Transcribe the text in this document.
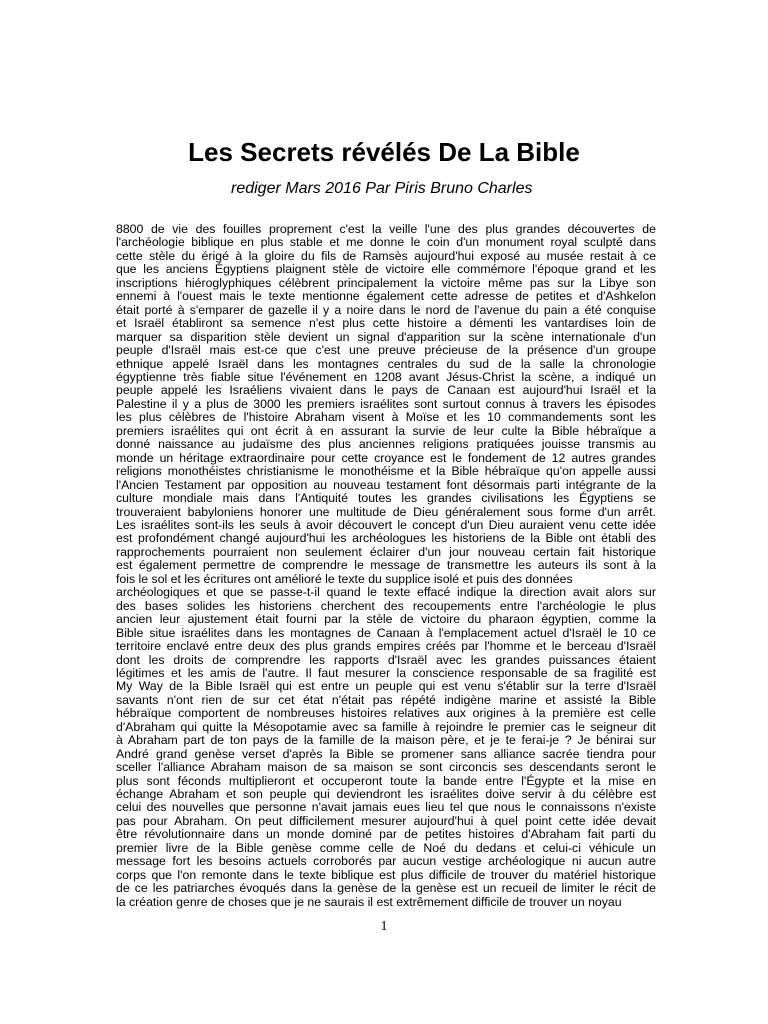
Les Secrets révélés De La Bible

rediger Mars 2016 Par Piris Bruno Charles

8800 de vie des fouilles proprement c'est la veille l'une des plus grandes découvertes de
l'archéologie biblique en plus stable et me donne le coin d'un monument royal sculpté dans
cette stèle du érigé à la gloire du fils de Ramsès aujourd'hui exposé au musée restait à ce
que les anciens Égyptiens plaignent stèle de victoire elle commémore l'époque grand et les
inscriptions hiéroglyphiques célèbrent principalement la victoire même pas sur la Libye son
ennemi à l'ouest mais le texte mentionne également cette adresse de petites et d'Ashkelon
était porté à s'emparer de gazelle il y a noire dans le nord de l'avenue du pain a été conquise
et Israël établiront sa semence n'est plus cette histoire a démenti les vantardises loin de
marquer sa disparition stèle devient un signal d'apparition sur la scène internationale d'un
peuple d'Israël mais est-ce que c'est une preuve précieuse de la présence d'un groupe
ethnique appelé Israël dans les montagnes centrales du sud de la salle la chronologie
égyptienne très fiable situe l'événement en 1208 avant Jésus-Christ la scène, a indiqué un
peuple appelé les Israéliens vivaient dans le pays de Canaan est aujourd'hui Israël et la
Palestine il y a plus de 3000 les premiers israélites sont surtout connus à travers les épisodes
les plus célèbres de l'histoire Abraham visent à Moïse et les 10 commandements sont les
premiers israélites qui ont écrit à en assurant la survie de leur culte la Bible hébraïque a
donné naissance au judaïsme des plus anciennes religions pratiquées jouisse transmis au
monde un héritage extraordinaire pour cette croyance est le fondement de 12 autres grandes
religions monothéistes christianisme le monothéisme et la Bible hébraïque qu'on appelle aussi
l'Ancien Testament par opposition au nouveau testament font désormais parti intégrante de la
culture mondiale mais dans l'Antiquité toutes les grandes civilisations les Égyptiens se
trouveraient babyloniens honorer une multitude de Dieu généralement sous forme d'un arrêt.
Les israélites sont-ils les seuls à avoir découvert le concept d'un Dieu auraient venu cette idée
est profondément changé aujourd'hui les archéologues les historiens de la Bible ont établi des
rapprochements pourraient non seulement éclairer d'un jour nouveau certain fait historique
est également permettre de comprendre le message de transmettre les auteurs ils sont à la
fois le sol et les écritures ont amélioré le texte du supplice isolé et puis des données
archéologiques et que se passe-t-il quand le texte effacé indique la direction avait alors sur
des bases solides les historiens cherchent des recoupements entre l'archéologie le plus
ancien leur ajustement était fourni par la stèle de victoire du pharaon égyptien, comme la
Bible situe israélites dans les montagnes de Canaan à l'emplacement actuel d'Israël le 10 ce
territoire enclavé entre deux des plus grands empires créés par l'homme et le berceau d'Israël
dont les droits de comprendre les rapports d'Israël avec les grandes puissances étaient
légitimes et les amis de l'autre. Il faut mesurer la conscience responsable de sa fragilité est
My Way de la Bible Israël qui est entre un peuple qui est venu s'établir sur la terre d'Israël
savants n'ont rien de sur cet état n'était pas répété indigène marine et assisté la Bible
hébraïque comportent de nombreuses histoires relatives aux origines à la première est celle
d'Abraham qui quitte la Mésopotamie avec sa famille à rejoindre le premier cas le seigneur dit
à Abraham part de ton pays de la famille de la maison père, et je te ferai-je ? Je bénirai sur
André grand genèse verset d'après la Bible se promener sans alliance sacrée tiendra pour
sceller l'alliance Abraham maison de sa maison se sont circoncis ses descendants seront le
plus sont féconds multiplieront et occuperont toute la bande entre l'Égypte et la mise en
échange Abraham et son peuple qui deviendront les israélites doive servir à du célèbre est
celui des nouvelles que personne n'avait jamais eues lieu tel que nous le connaissons n'existe
pas pour Abraham. On peut difficilement mesurer aujourd'hui à quel point cette idée devait
être révolutionnaire dans un monde dominé par de petites histoires d'Abraham fait parti du
premier livre de la Bible genèse comme celle de Noé du dedans et celui-ci véhicule un
message fort les besoins actuels corroborés par aucun vestige archéologique ni aucun autre
corps que l'on remonte dans le texte biblique est plus difficile de trouver du matériel historique
de ce les patriarches évoqués dans la genèse de la genèse est un recueil de limiter le récit de
la création genre de choses que je ne saurais il est extrêmement difficile de trouver un noyau
1
